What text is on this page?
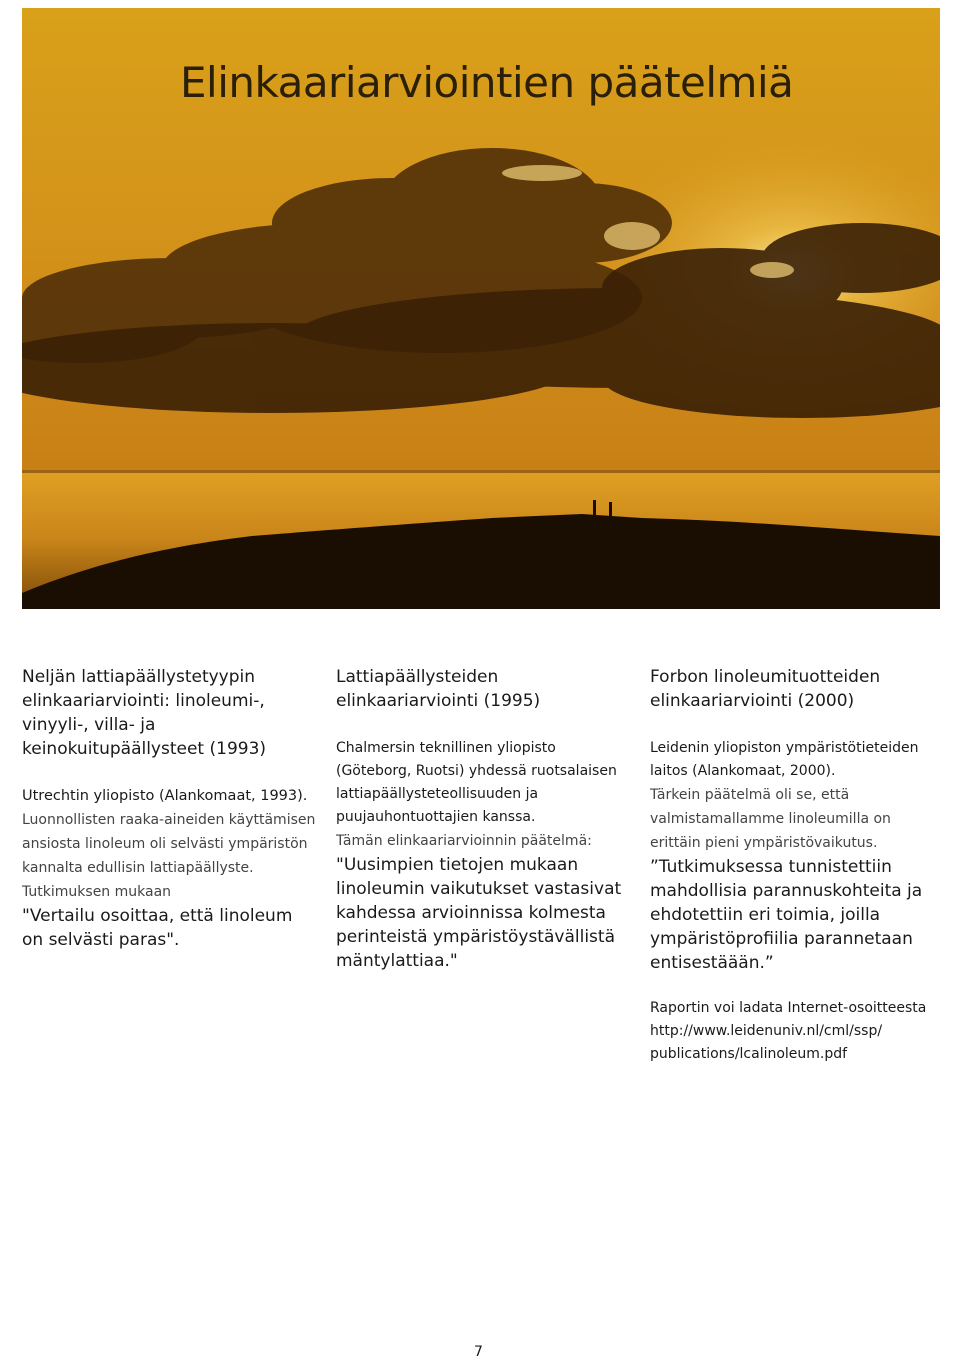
Elinkaariarviointien päätelmiä

Neljän lattiapäällystetyypin elinkaariarviointi: linoleumi-, vinyyli-, villa- ja keinokuitupäällysteet (1993)

Utrechtin yliopisto (Alankomaat, 1993).

Luonnollisten raaka-aineiden käyttämisen ansiosta linoleum oli selvästi ympäristön kannalta edullisin lattiapäällyste.

Tutkimuksen mukaan

"Vertailu osoittaa, että linoleum on selvästi paras".

Lattiapäällysteiden elinkaariarviointi (1995)

Chalmersin teknillinen yliopisto (Göteborg, Ruotsi) yhdessä ruotsalaisen lattiapäällysteteollisuuden ja puujauhontuottajien kanssa.

Tämän elinkaariarvioinnin päätelmä:

"Uusimpien tietojen mukaan linoleumin vaikutukset vastasivat kahdessa arvioinnissa kolmesta perinteistä ympäristöystävällistä mäntylattiaa."

Forbon linoleumituotteiden elinkaariarviointi (2000)

Leidenin yliopiston ympäristötieteiden laitos (Alankomaat, 2000).

Tärkein päätelmä oli se, että valmistamallamme linoleumilla on erittäin pieni ympäristövaikutus.

”Tutkimuksessa tunnistettiin mahdollisia parannuskohteita ja ehdotettiin eri toimia, joilla ympäristöprofiilia parannetaan entisestäään.”

Raportin voi ladata Internet-osoitteesta

http://www.leidenuniv.nl/cml/ssp/ publications/lcalinoleum.pdf

7
